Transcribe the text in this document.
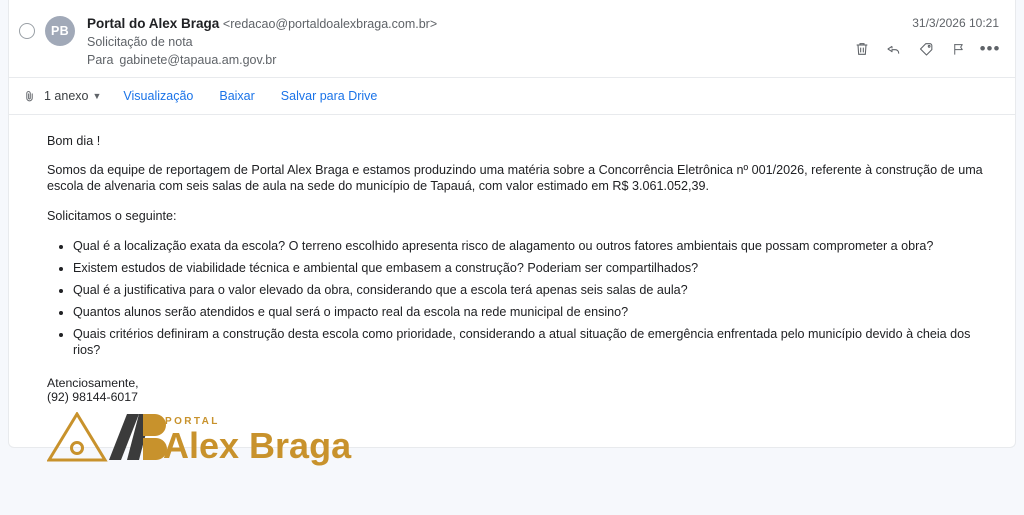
PB	Portal do Alex Braga <redacao@portaldoalexbraga.com.br>
Solicitação de nota
Para gabinete@tapaua.am.gov.br
31/3/2026 10:21
•••
1 anexo ▼ Visualização Baixar Salvar para Drive

Bom dia !

Somos da equipe de reportagem de Portal Alex Braga e estamos produzindo uma matéria sobre a Concorrência Eletrônica nº 001/2026, referente à construção de uma escola de alvenaria com seis salas de aula na sede do município de Tapauá, com valor estimado em R$ 3.061.052,39.

Solicitamos o seguinte:

• Qual é a localização exata da escola? O terreno escolhido apresenta risco de alagamento ou outros fatores ambientais que possam comprometer a obra?
• Existem estudos de viabilidade técnica e ambiental que embasem a construção? Poderiam ser compartilhados?
• Qual é a justificativa para o valor elevado da obra, considerando que a escola terá apenas seis salas de aula?
• Quantos alunos serão atendidos e qual será o impacto real da escola na rede municipal de ensino?
• Quais critérios definiram a construção desta escola como prioridade, considerando a atual situação de emergência enfrentada pelo município devido à cheia dos rios?
Atenciosamente,
(92) 98144-6017
PORTAL
Alex Braga
